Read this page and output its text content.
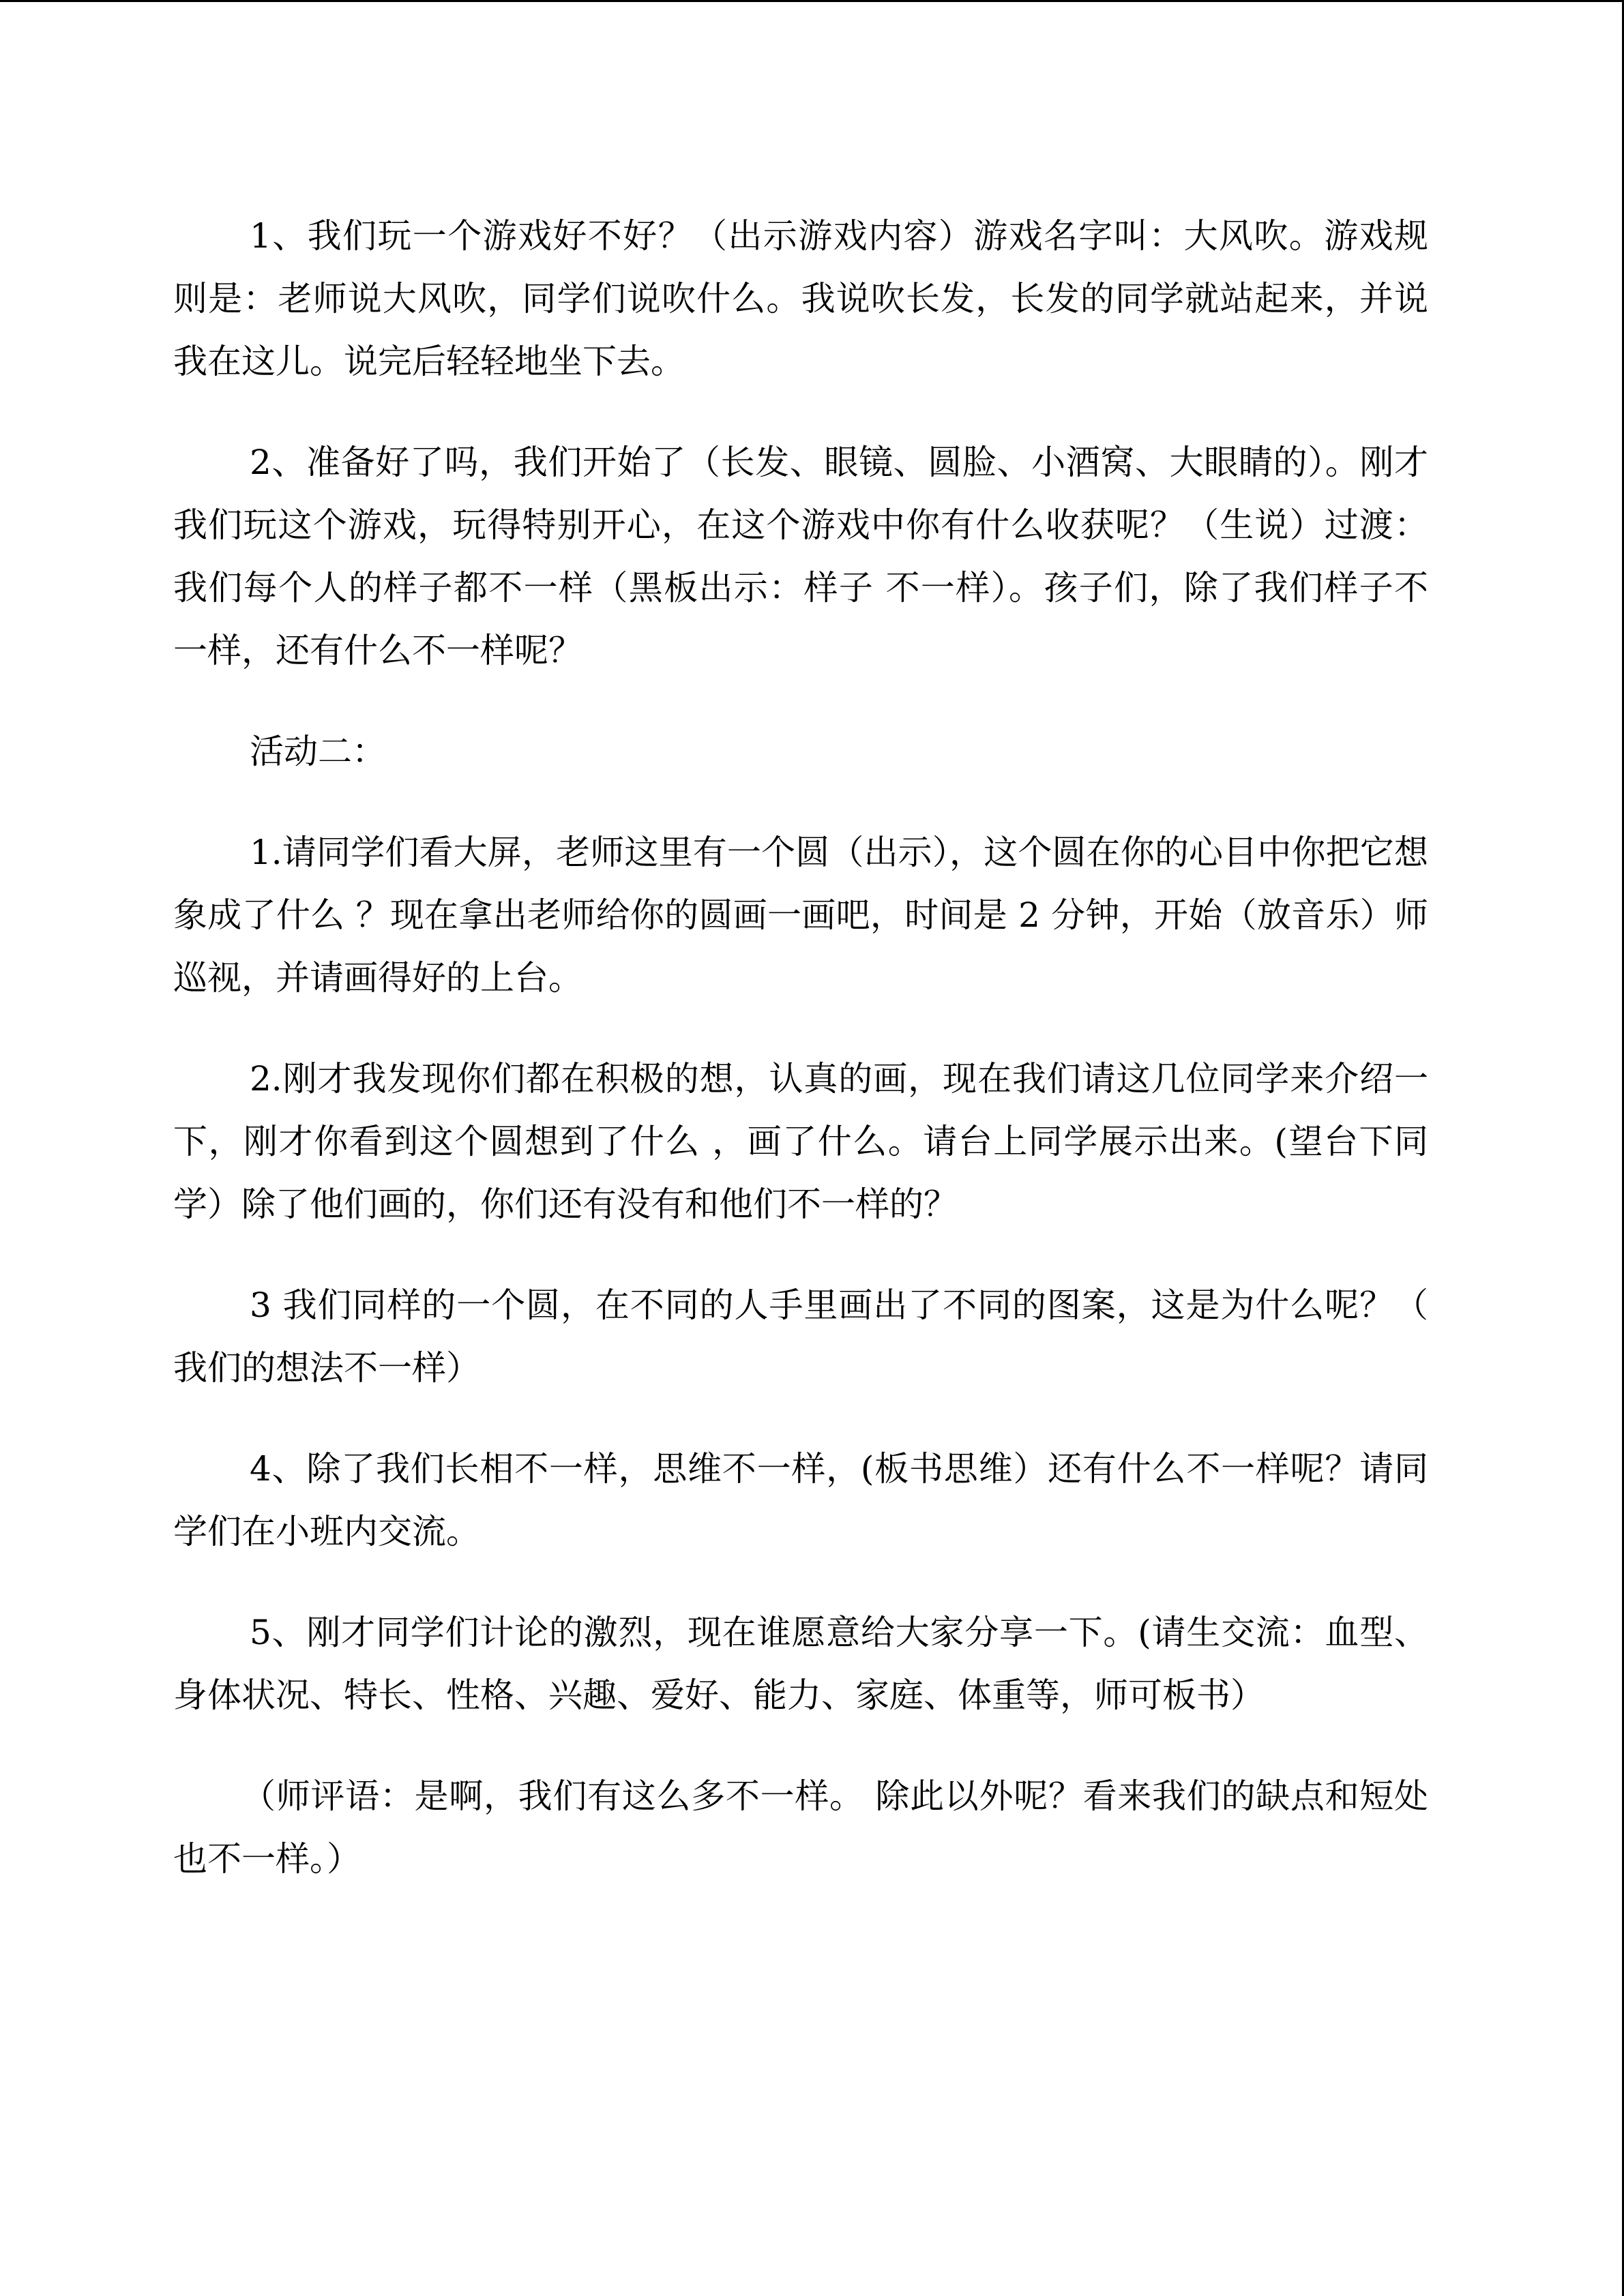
1、我们玩一个游戏好不好？（出示游戏内容）游戏名字叫：大风吹。游戏规则是：老师说大风吹，同学们说吹什么。我说吹长发，长发的同学就站起来，并说我在这儿。说完后轻轻地坐下去。

2、准备好了吗，我们开始了（长发、眼镜、圆脸、小酒窝、大眼睛的）。刚才我们玩这个游戏，玩得特别开心，在这个游戏中你有什么收获呢？（生说）过渡：我们每个人的样子都不一样（黑板出示：样子 不一样）。孩子们，除了我们样子不一样，还有什么不一样呢？

活动二：

1.请同学们看大屏，老师这里有一个圆（出示），这个圆在你的心目中你把它想象成了什么 ？现在拿出老师给你的圆画一画吧，时间是 2 分钟，开始（放音乐）师巡视，并请画得好的上台。

2.刚才我发现你们都在积极的想，认真的画，现在我们请这几位同学来介绍一下，刚才你看到这个圆想到了什么 ，画了什么。请台上同学展示出来。(望台下同学）除了他们画的，你们还有没有和他们不一样的？

3 我们同样的一个圆，在不同的人手里画出了不同的图案，这是为什么呢？（ 我们的想法不一样）

4、除了我们长相不一样，思维不一样，(板书思维）还有什么不一样呢？请同学们在小班内交流。

5、刚才同学们计论的激烈，现在谁愿意给大家分享一下。(请生交流：血型、身体状况、特长、性格、兴趣、爱好、能力、家庭、体重等，师可板书）

（师评语：是啊，我们有这么多不一样。 除此以外呢？看来我们的缺点和短处也不一样。）
